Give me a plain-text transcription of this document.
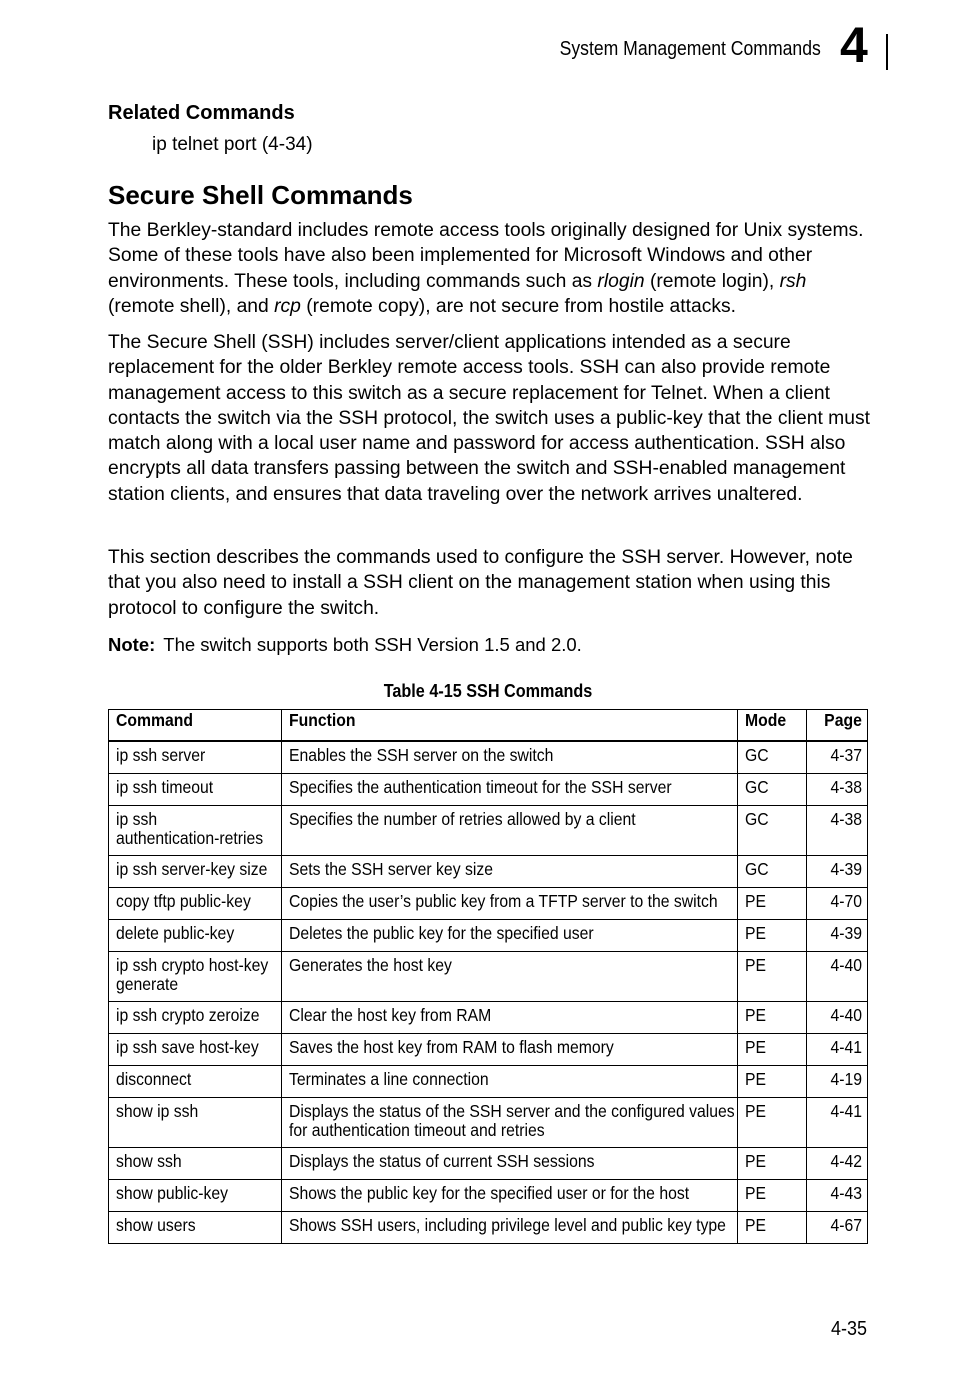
System Management Commands 4
Related Commands
ip telnet port (4-34)
Secure Shell Commands

The Berkley-standard includes remote access tools originally designed for Unix systems. Some of these tools have also been implemented for Microsoft Windows and other environments. These tools, including commands such as rlogin (remote login), rsh (remote shell), and rcp (remote copy), are not secure from hostile attacks.

The Secure Shell (SSH) includes server/client applications intended as a secure replacement for the older Berkley remote access tools. SSH can also provide remote management access to this switch as a secure replacement for Telnet. When a client contacts the switch via the SSH protocol, the switch uses a public-key that the client must match along with a local user name and password for access authentication. SSH also encrypts all data transfers passing between the switch and SSH-enabled management station clients, and ensures that data traveling over the network arrives unaltered.

This section describes the commands used to configure the SSH server. However, note that you also need to install a SSH client on the management station when using this protocol to configure the switch.

Note: The switch supports both SSH Version 1.5 and 2.0.
Table 4-15 SSH Commands
Command	Function	Mode	Page
ip ssh server	Enables the SSH server on the switch	GC	4-37
ip ssh timeout	Specifies the authentication timeout for the SSH server	GC	4-38
ip ssh
authentication-retries	Specifies the number of retries allowed by a client	GC	4-38
ip ssh server-key size	Sets the SSH server key size	GC	4-39
copy tftp public-key	Copies the user’s public key from a TFTP server to the switch	PE	4-70
delete public-key	Deletes the public key for the specified user	PE	4-39
ip ssh crypto host-key
generate	Generates the host key	PE	4-40
ip ssh crypto zeroize	Clear the host key from RAM	PE	4-40
ip ssh save host-key	Saves the host key from RAM to flash memory	PE	4-41
disconnect	Terminates a line connection	PE	4-19
show ip ssh	Displays the status of the SSH server and the configured values
for authentication timeout and retries	PE	4-41
show ssh	Displays the status of current SSH sessions	PE	4-42
show public-key	Shows the public key for the specified user or for the host	PE	4-43
show users	Shows SSH users, including privilege level and public key type	PE	4-67
4-35
